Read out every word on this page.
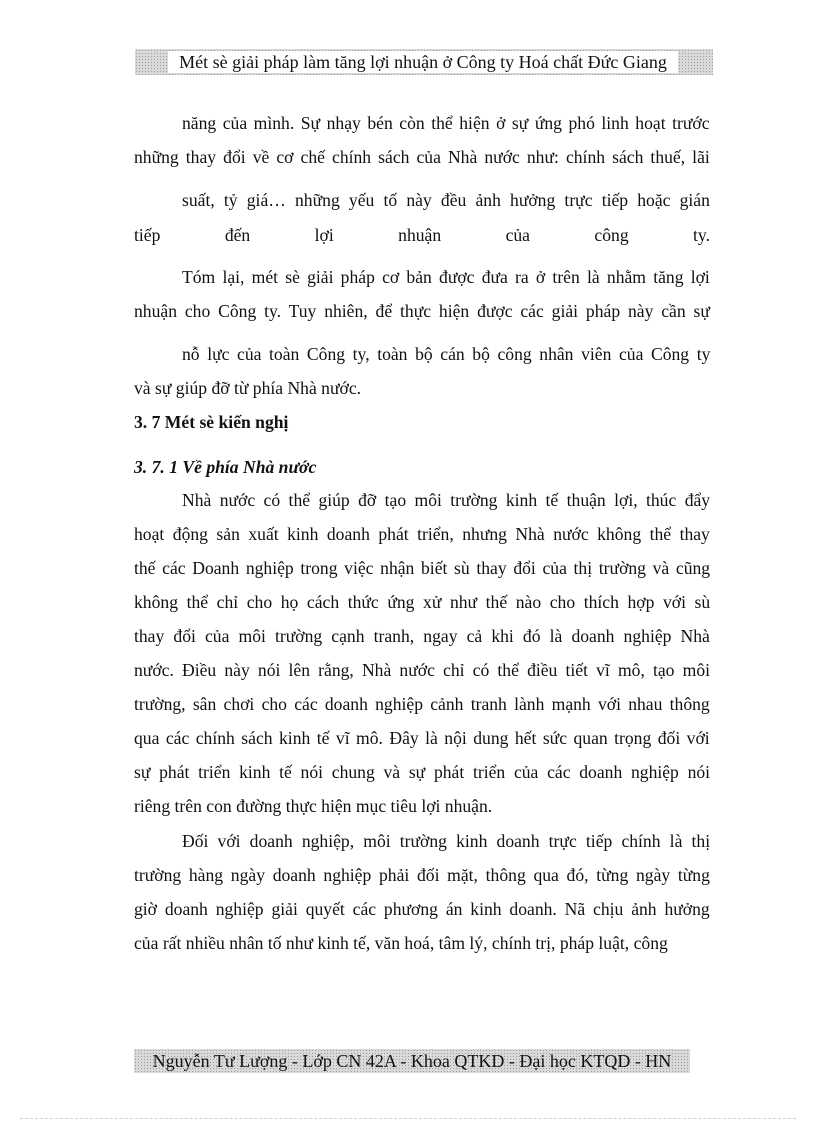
Mét sè giải pháp làm tăng lợi nhuận ở Công ty Hoá chất Đức Giang
năng của mình. Sự nhạy bén còn thể hiện ở sự ứng phó linh hoạt trước
những thay đổi về cơ chế chính sách của Nhà nước như: chính sách thuế, lãi
suất, tỷ giá… những yếu tố này đều ảnh hưởng trực tiếp hoặc gián
tiếp	đến	lợi	nhuận	của	công	ty.
Tóm lại, mét sè giải pháp cơ bản được đưa ra ở trên là nhằm tăng lợi
nhuận cho Công ty. Tuy nhiên, để thực hiện được các giải pháp này cần sự
nỗ lực của toàn Công ty, toàn bộ cán bộ công nhân viên của Công ty
và sự giúp đỡ từ phía Nhà nước.
3. 7 Mét sè kiến nghị
3. 7. 1 Về phía Nhà nước
Nhà nước có thể giúp đỡ tạo môi trường kinh tế thuận lợi, thúc đẩy
hoạt động sản xuất kinh doanh phát triển, nhưng Nhà nước không thể thay
thế các Doanh nghiệp trong việc nhận biết sù thay đổi của thị trường và cũng
không thể chỉ cho họ cách thức ứng xử như thế nào cho thích hợp với sù
thay đổi của môi trường cạnh tranh, ngay cả khi đó là doanh nghiệp Nhà
nước. Điều này nói lên rằng, Nhà nước chỉ có thể điều tiết vĩ mô, tạo môi
trường, sân chơi cho các doanh nghiệp cảnh tranh lành mạnh với nhau thông
qua các chính sách kinh tế vĩ mô. Đây là nội dung hết sức quan trọng đối với
sự phát triển kinh tế nói chung và sự phát triển của các doanh nghiệp nói
riêng trên con đường thực hiện mục tiêu lợi nhuận.
Đối với doanh nghiệp, môi trường kinh doanh trực tiếp chính là thị
trường hàng ngày doanh nghiệp phải đối mặt, thông qua đó, từng ngày từng
giờ doanh nghiệp giải quyết các phương án kinh doanh. Nã chịu ảnh hưởng
của rất nhiều nhân tố như kinh tế, văn hoá, tâm lý, chính trị, pháp luật, công
Nguyễn Tư Lượng - Lớp CN 42A - Khoa QTKD - Đại học KTQD - HN
